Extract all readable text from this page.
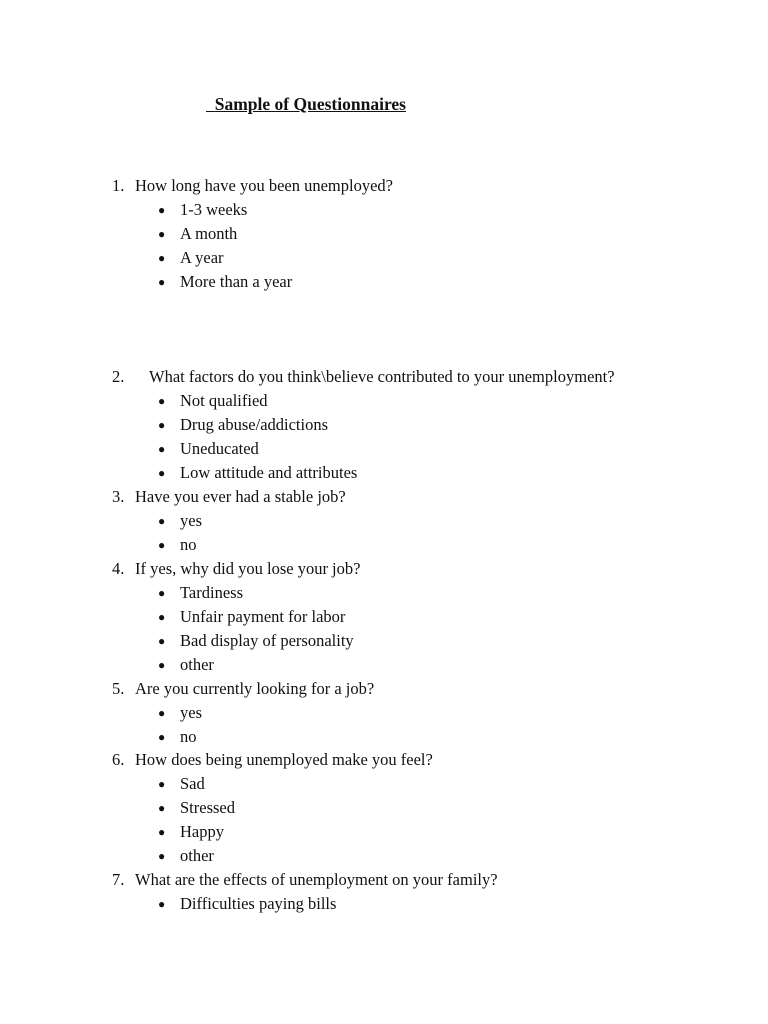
Sample of Questionnaires

1. How long have you been unemployed?

● 1-3 weeks
● A month
● A year
● More than a year

2. What factors do you think\believe contributed to your unemployment?

● Not qualified
● Drug abuse/addictions
● Uneducated
● Low attitude and attributes

3. Have you ever had a stable job?

● yes
● no

4. If yes, why did you lose your job?

● Tardiness
● Unfair payment for labor
● Bad display of personality
● other

5. Are you currently looking for a job?

● yes
● no

6. How does being unemployed make you feel?

● Sad
● Stressed
● Happy
● other

7. What are the effects of unemployment on your family?

● Difficulties paying bills
